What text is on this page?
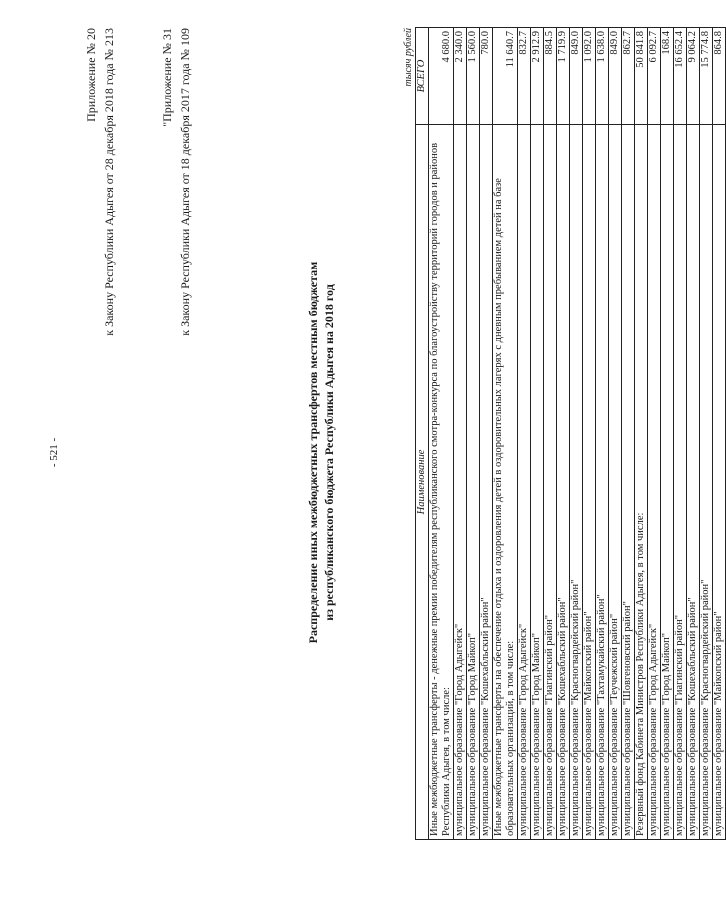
- 521 -
Приложение № 20 к Закону Республики Адыгея от 28 декабря 2018 года № 213	"Приложение № 31 к Закону Республики Адыгея от 18 декабря 2017 года № 109
Распределение иных межбюджетных трансфертов местным бюджетам из республиканского бюджета Республики Адыгея на 2018 год
тысяч рублей
Наименование	ВСЕГО
Иные межбюджетные трансферты - денежные премии победителям республиканского смотра-конкурса по благоустройству территорий городов и районов Республики Адыгея, в том числе:	4 680.0
муниципальное образование "Город Адыгейск"	2 340.0
муниципальное образование "Город Майкоп"	1 560.0
муниципальное образование "Кошехабльский район"	780.0
Иные межбюджетные трансферты на обеспечение отдыха и оздоровления детей в оздоровительных лагерях с дневным пребыванием детей на базе образовательных организаций, в том числе:	11 640.7
муниципальное образование "Город Адыгейск"	832.7
муниципальное образование "Город Майкоп"	2 912.9
муниципальное образование "Гиагинский район"	884.5
муниципальное образование "Кошехабльский район"	1 719.9
муниципальное образование "Красногвардейский район"	849.0
муниципальное образование "Майкопский район"	1 092.0
муниципальное образование "Тахтамукайский район"	1 638.0
муниципальное образование "Теучежский район"	849.0
муниципальное образование "Шовгеновский район"	862.7
Резервный фонд Кабинета Министров Республики Адыгея, в том числе:	50 841.8
муниципальное образование "Город Адыгейск"	6 092.7
муниципальное образование "Город Майкоп"	168.4
муниципальное образование "Гиагинский район"	16 652.4
муниципальное образование "Кошехабльский район"	9 064.2
муниципальное образование "Красногвардейский район"	15 774.8
муниципальное образование "Майкопский район"	864.8
